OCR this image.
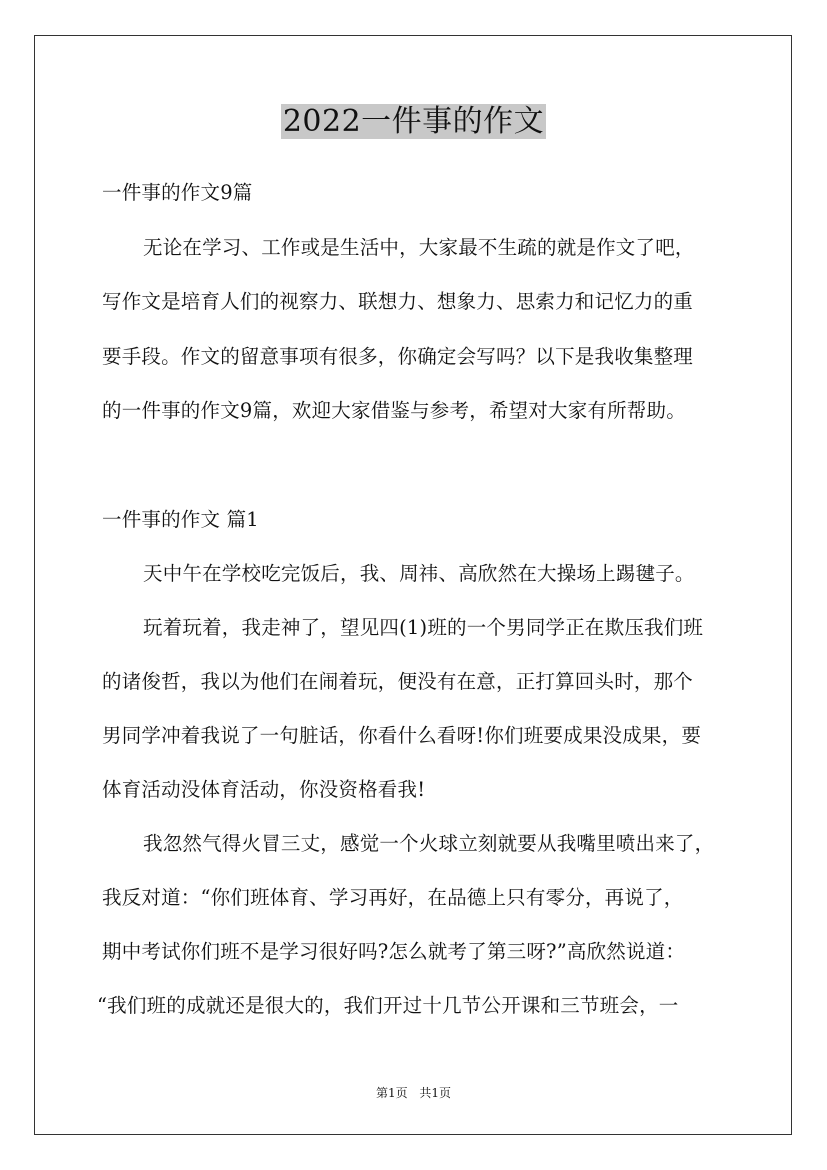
2022一件事的作文
一件事的作文9篇
无论在学习、工作或是生活中，大家最不生疏的就是作文了吧，
写作文是培育人们的视察力、联想力、想象力、思索力和记忆力的重
要手段。作文的留意事项有很多，你确定会写吗？以下是我收集整理
的一件事的作文9篇，欢迎大家借鉴与参考，希望对大家有所帮助。
一件事的作文 篇1
天中午在学校吃完饭后，我、周祎、高欣然在大操场上踢毽子。
玩着玩着，我走神了，望见四(1)班的一个男同学正在欺压我们班
的诸俊哲，我以为他们在闹着玩，便没有在意，正打算回头时，那个
男同学冲着我说了一句脏话，你看什么看呀!你们班要成果没成果，要
体育活动没体育活动，你没资格看我!
我忽然气得火冒三丈，感觉一个火球立刻就要从我嘴里喷出来了，
我反对道：“你们班体育、学习再好，在品德上只有零分，再说了，
期中考试你们班不是学习很好吗?怎么就考了第三呀?”高欣然说道：
“我们班的成就还是很大的，我们开过十几节公开课和三节班会，一
第1页 共1页
